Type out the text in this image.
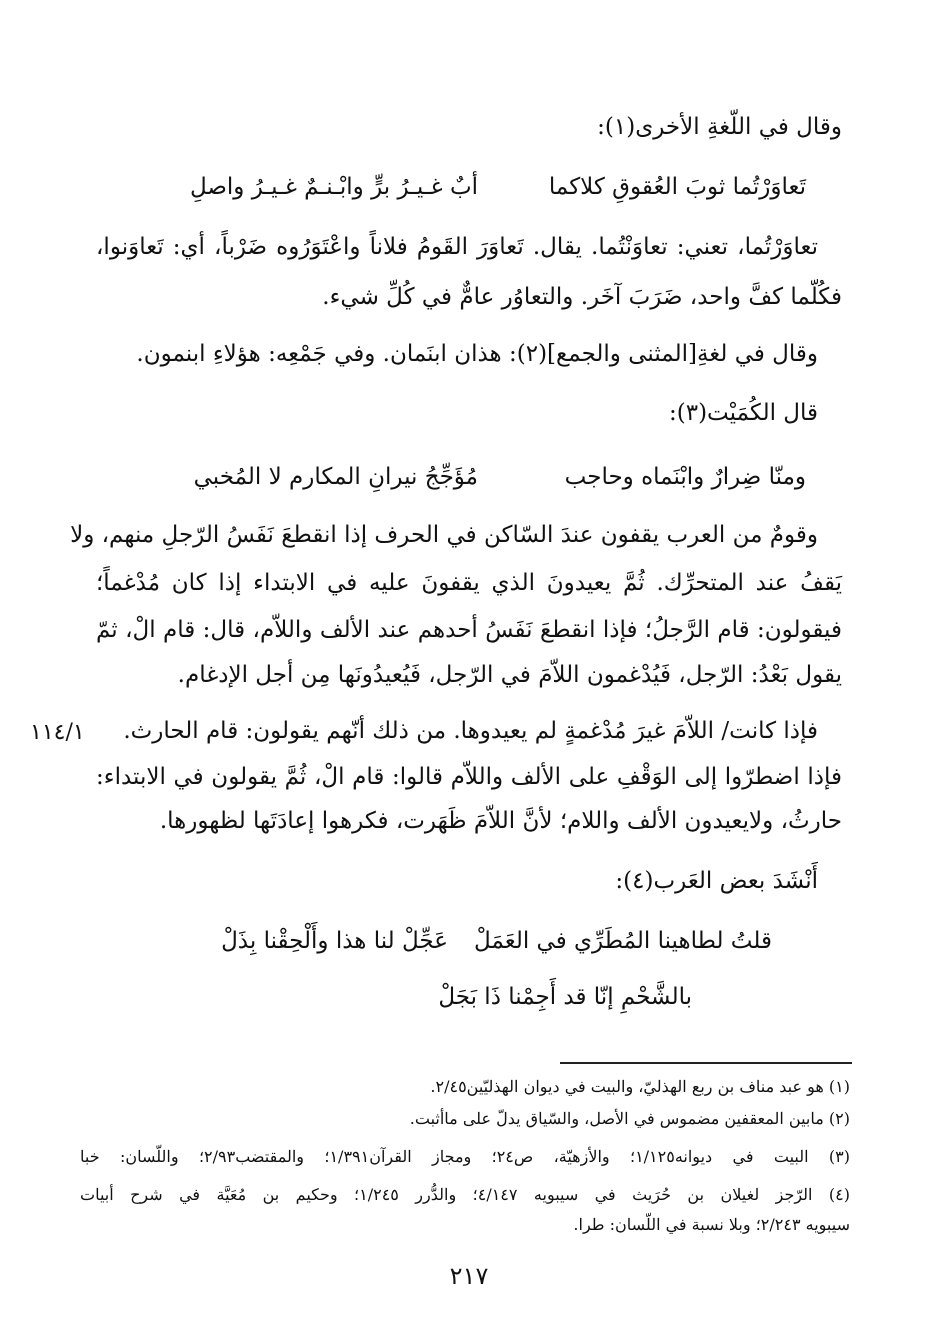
وقال في اللّغةِ الأخرى(١):
تَعاوَرْتُما ثوبَ العُقوقِ كلاكما
أبٌ غـيـرُ برٍّ وابْـنـمٌ غـيـرُ واصلِ
تعاوَرْتُما، تعني: تعاوَنْتُما. يقال. تَعاوَرَ القَومُ فلاناً واعْتَوَرُوه ضَرْباً، أي: تَعاوَنوا،
فكُلّما كفَّ واحد، ضَرَبَ آخَر. والتعاوُر عامٌّ في كُلِّ شيء.
وقال في لغةِ[المثنى والجمع](٢): هذان ابنَمان. وفي جَمْعِه: هؤلاءِ ابنمون.
قال الكُمَيْت(٣):
ومنّا ضِرارٌ وابْنَماه وحاجب
مُؤَجِّجُ نيرانِ المكارم لا المُخبي
وقومٌ من العرب يقفون عندَ السّاكن في الحرف إذا انقطعَ نَفَسُ الرّجلِ منهم، ولا
يَقفُ عند المتحرِّك. ثُمَّ يعيدونَ الذي يقفونَ عليه في الابتداء إذا كان مُدْغماً؛
فيقولون: قام الرَّجلُ؛ فإذا انقطعَ نَفَسُ أحدهم عند الألف واللاّم، قال: قام الْ، ثمّ
يقول بَعْدُ: الرّجل، فَيُدْغمون اللاّمَ في الرّجل، فَيُعيدُونَها مِن أجل الإدغام.
١١٤/١ فإذا كانت/ اللاّمَ غيرَ مُدْغمةٍ لم يعيدوها. من ذلك أنّهم يقولون: قام الحارث.
فإذا اضطرّوا إلى الوَقْفِ على الألف واللاّم قالوا: قام الْ، ثُمَّ يقولون في الابتداء:
حارثُ، ولايعيدون الألف واللام؛ لأنَّ اللاّمَ ظَهَرت، فكرهوا إعادَتَها لظهورها.
أَنْشَدَ بعض العَرب(٤):
قلتُ لطاهينا المُطَرِّي في العَمَلْ
عَجِّلْ لنا هذا وأَلْحِقْنا بِذَلْ
بالشَّحْمِ إنّا قد أَجِمْنا ذَا بَجَلْ
(١) هو عبد مناف بن ربع الهذليّ، والبيت في ديوان الهذليّين٢/٤٥.
(٢) مابين المعقفين مضموس في الأصل، والسّياق يدلّ على ماأثبت.
(٣) البيت في ديوانه١/١٢٥؛ والأزهيّة، ص٢٤؛ ومجاز القرآن١/٣٩١؛ والمقتضب٢/٩٣؛ واللّسان: خبا
(٤) الرّجز لغيلان بن حُرَيث في سيبويه ٤/١٤٧؛ والدُّرر ١/٢٤٥؛ وحكيم بن مُعَيَّة في شرح أبيات
سيبويه ٢/٢٤٣؛ وبلا نسبة في اللّسان: طرا.
٢١٧
